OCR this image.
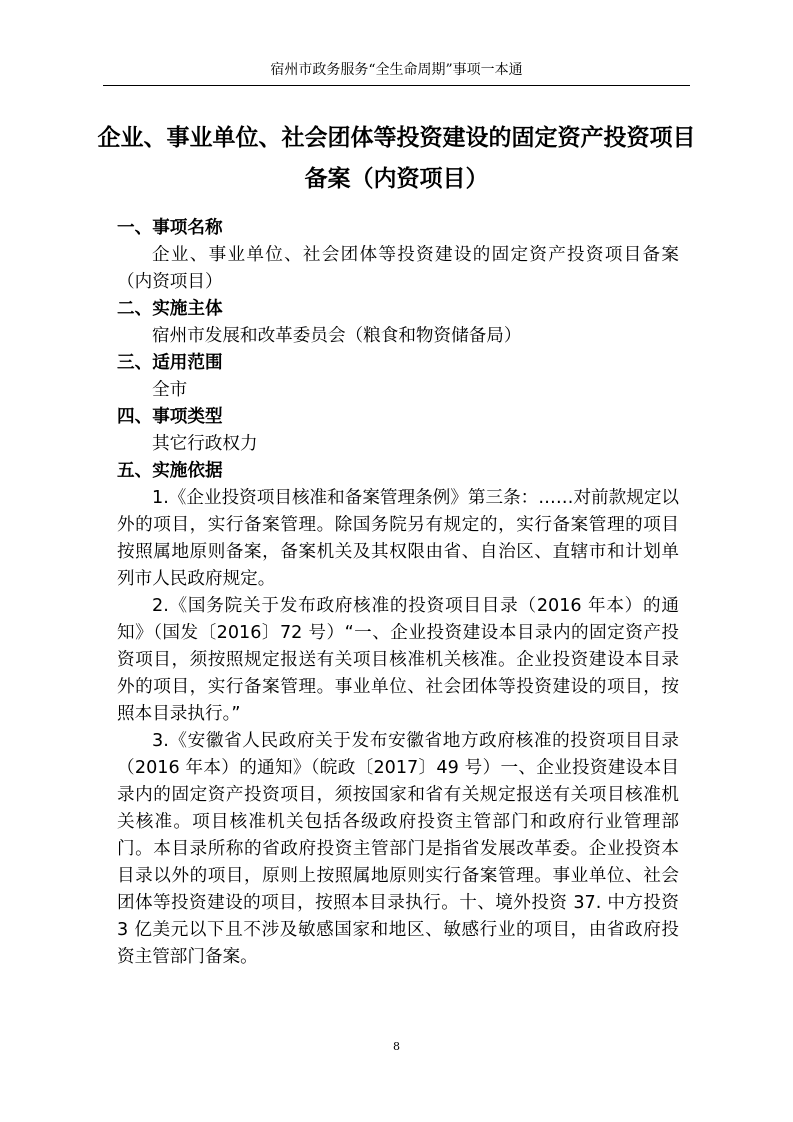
宿州市政务服务“全生命周期”事项一本通
企业、事业单位、社会团体等投资建设的固定资产投资项目
备案（内资项目）

一、事项名称

企业、事业单位、社会团体等投资建设的固定资产投资项目备案（内资项目）

二、实施主体

宿州市发展和改革委员会（粮食和物资储备局）

三、适用范围

全市

四、事项类型

其它行政权力

五、实施依据

1.《企业投资项目核准和备案管理条例》第三条：……对前款规定以外的项目，实行备案管理。除国务院另有规定的，实行备案管理的项目按照属地原则备案，备案机关及其权限由省、自治区、直辖市和计划单列市人民政府规定。

2.《国务院关于发布政府核准的投资项目目录（2016 年本）的通知》（国发〔2016〕72 号）“一、企业投资建设本目录内的固定资产投资项目，须按照规定报送有关项目核准机关核准。企业投资建设本目录外的项目，实行备案管理。事业单位、社会团体等投资建设的项目，按照本目录执行。”

3.《安徽省人民政府关于发布安徽省地方政府核准的投资项目目录（2016 年本）的通知》（皖政〔2017〕49 号）一、企业投资建设本目录内的固定资产投资项目，须按国家和省有关规定报送有关项目核准机关核准。项目核准机关包括各级政府投资主管部门和政府行业管理部门。本目录所称的省政府投资主管部门是指省发展改革委。企业投资本目录以外的项目，原则上按照属地原则实行备案管理。事业单位、社会团体等投资建设的项目，按照本目录执行。十、境外投资 37. 中方投资 3 亿美元以下且不涉及敏感国家和地区、敏感行业的项目，由省政府投资主管部门备案。

8
